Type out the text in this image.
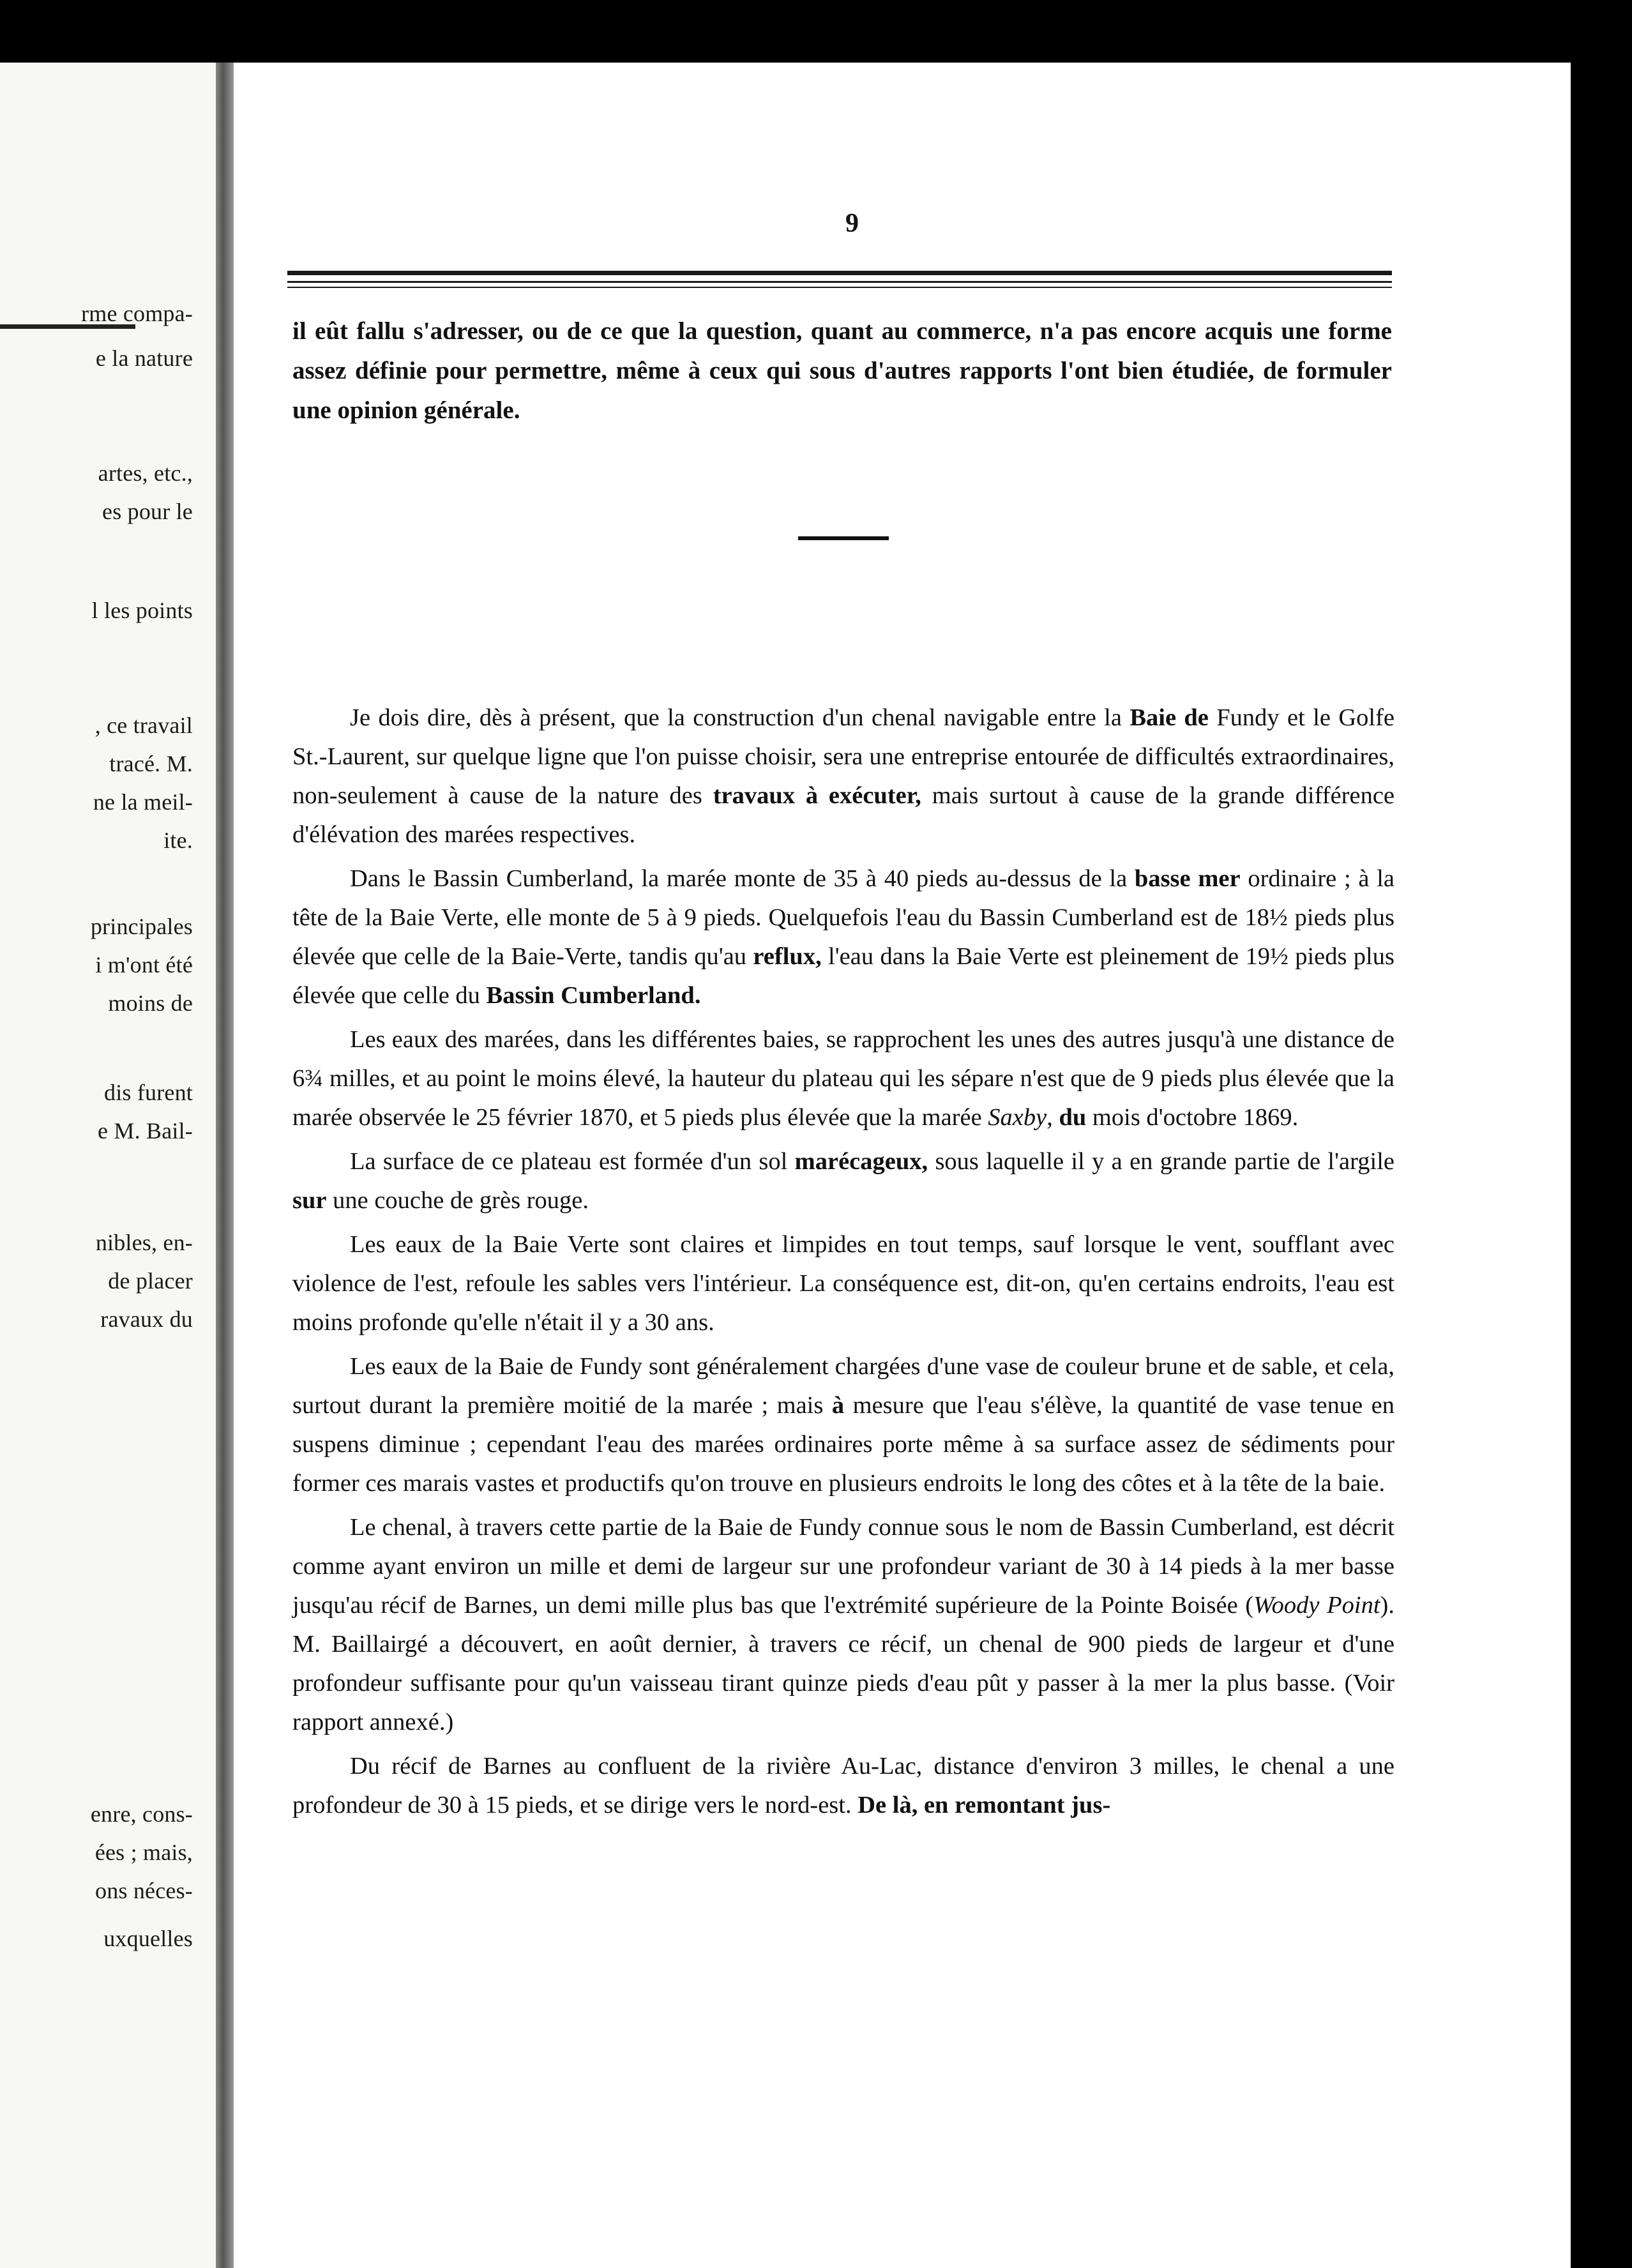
rme compa-
e la nature
artes, etc.,
es pour le
l les points
, ce travail
tracé. M.
ne la meil-
ite.
principales
i m'ont été
moins de
dis furent
e M. Bail-
nibles, en-
de placer
ravaux du
enre, cons-
ées ; mais,
ons néces-
uxquelles
9
il eût fallu s'adresser, ou de ce que la question, quant au commerce, n'a pas encore acquis une forme assez définie pour permettre, même à ceux qui sous d'autres rapports l'ont bien étudiée, de formuler une opinion générale.

Je dois dire, dès à présent, que la construction d'un chenal navigable entre la Baie de Fundy et le Golfe St.-Laurent, sur quelque ligne que l'on puisse choisir, sera une entreprise entourée de difficultés extraordinaires, non-seulement à cause de la nature des travaux à exécuter, mais surtout à cause de la grande différence d'élévation des marées respectives.

Dans le Bassin Cumberland, la marée monte de 35 à 40 pieds au-dessus de la basse mer ordinaire ; à la tête de la Baie Verte, elle monte de 5 à 9 pieds. Quelquefois l'eau du Bassin Cumberland est de 18½ pieds plus élevée que celle de la Baie-Verte, tandis qu'au reflux, l'eau dans la Baie Verte est pleinement de 19½ pieds plus élevée que celle du Bassin Cumberland.

Les eaux des marées, dans les différentes baies, se rapprochent les unes des autres jusqu'à une distance de 6¾ milles, et au point le moins élevé, la hauteur du plateau qui les sépare n'est que de 9 pieds plus élevée que la marée observée le 25 février 1870, et 5 pieds plus élevée que la marée Saxby, du mois d'octobre 1869.

La surface de ce plateau est formée d'un sol marécageux, sous laquelle il y a en grande partie de l'argile sur une couche de grès rouge.

Les eaux de la Baie Verte sont claires et limpides en tout temps, sauf lorsque le vent, soufflant avec violence de l'est, refoule les sables vers l'intérieur. La conséquence est, dit-on, qu'en certains endroits, l'eau est moins profonde qu'elle n'était il y a 30 ans.

Les eaux de la Baie de Fundy sont généralement chargées d'une vase de couleur brune et de sable, et cela, surtout durant la première moitié de la marée ; mais à mesure que l'eau s'élève, la quantité de vase tenue en suspens diminue ; cependant l'eau des marées ordinaires porte même à sa surface assez de sédiments pour former ces marais vastes et productifs qu'on trouve en plusieurs endroits le long des côtes et à la tête de la baie.

Le chenal, à travers cette partie de la Baie de Fundy connue sous le nom de Bassin Cumberland, est décrit comme ayant environ un mille et demi de largeur sur une profondeur variant de 30 à 14 pieds à la mer basse jusqu'au récif de Barnes, un demi mille plus bas que l'extrémité supérieure de la Pointe Boisée (Woody Point). M. Baillairgé a découvert, en août dernier, à travers ce récif, un chenal de 900 pieds de largeur et d'une profondeur suffisante pour qu'un vaisseau tirant quinze pieds d'eau pût y passer à la mer la plus basse. (Voir rapport annexé.)

Du récif de Barnes au confluent de la rivière Au-Lac, distance d'environ 3 milles, le chenal a une profondeur de 30 à 15 pieds, et se dirige vers le nord-est. De là, en remontant jus-
